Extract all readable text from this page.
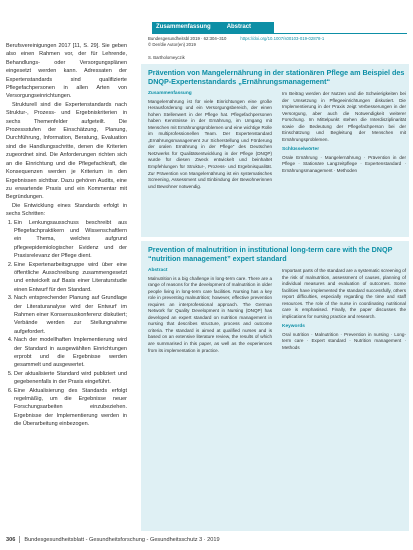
Berufsvereinigungen 2017 [11, S. 29]. Sie geben also einen Rahmen vor, der für Lehrende, Behandlungs- oder Versorgungsplänen eingesetzt werden kann. Adressaten der Expertenstandards sind qualifizierte Pflegefachpersonen in allen Arten von Versorgungseinrichtungen.

Strukturell sind die Expertenstandards nach Struktur-, Prozess- und Ergebniskriterien in sechs Themenfelder aufgeteilt. Die Prozessstufen der Einschätzung, Planung, Durchführung, Information, Beratung, Evaluation sind die Handlungsschritte, denen die Kriterien zugeordnet sind. Die Anforderungen richten sich an die Einrichtung und die Pflegefachkraft, die Konsequenzen werden je Kriterium in den Ergebnissen sichtbar. Dazu gehören Audits, eine zu erwartende Praxis und ein Kommentar mit Begründungen.

Die Entwicklung eines Standards erfolgt in sechs Schritten:

1. Ein Lenkungsausschuss beschreibt aus Pflegefachpraktikern und Wissenschaftlern ein Thema, welches aufgrund pflegeepidemiologischer Evidenz und der Praxisrelevanz der Pflege dient.
2. Eine Expertenarbeitsgruppe wird über eine öffentliche Ausschreibung zusammengesetzt und entwickelt auf Basis einer Literaturstudie einen Entwurf für den Standard.
3. Nach entsprechender Planung auf Grundlage der Literaturanalyse wird der Entwurf im Rahmen einer Konsensuskonferenz diskutiert; Verbände werden zur Stellungnahme aufgefordert.
4. Nach der modellhaften Implementierung wird der Standard in ausgewählten Einrichtungen erprobt und die Ergebnisse werden gesammelt und ausgewertet.
5. Der aktualisierte Standard wird publiziert und gegebenenfalls in der Praxis eingeführt.
6. Eine Aktualisierung des Standards erfolgt regelmäßig, um die Ergebnisse neuer Forschungsarbeiten einzubeziehen. Ergebnisse der Implementierung werden in die Überarbeitung einbezogen.
Zusammenfassung	Abstract
Bundesgesundheitsbl 2019 · 62:304–310	https://doi.org/10.1007/s00103-019-02878-1
© Der/die Autor(en) 2019
S. Bartholomeyczik
Prävention von Mangelernährung in der stationären Pflege am Beispiel des DNQP-Expertenstandards „Ernährungsmanagement“
Zusammenfassung

Mangelernährung ist für viele Einrichtungen eine große Herausforderung und ein Versorgungsbereich, der einen hohen Stellenwert in der Pflege hat. Pflegefachpersonen haben Kenntnisse in der Ernährung, im Umgang mit Menschen mit Ernährungsproblemen und eine wichtige Rolle im multiprofessionellen Team. Der Expertenstandard „Ernährungsmanagement zur Sicherstellung und Förderung der oralen Ernährung in der Pflege“ des Deutschen Netzwerks für Qualitätsentwicklung in der Pflege (DNQP) wurde für diesen Zweck entwickelt und beinhaltet Empfehlungen für Struktur-, Prozess- und Ergebnisqualität. Zur Prävention von Mangelernährung ist ein systematisches Screening, Assessment und Einbindung der Bewohnerinnen und Bewohner notwendig.

Im Beitrag werden der Nutzen und die Schwierigkeiten bei der Umsetzung in Pflegeeinrichtungen diskutiert. Die Implementierung in der Praxis zeigt Verbesserungen in der Versorgung, aber auch die Notwendigkeit weiterer Forschung. Im Mittelpunkt stehen die Interdisziplinarität sowie die Bedeutung der Pflegefachperson bei der Einschätzung und Begleitung der Menschen mit Ernährungsproblemen.

Schlüsselwörter

Orale Ernährung · Mangelernährung · Prävention in der Pflege · Stationäre Langzeitpflege · Expertenstandard · Ernährungsmanagement · Methoden

Prevention of malnutrition in institutional long-term care with the DNQP “nutrition management” expert standard
Abstract

Malnutrition is a big challenge in long-term care. There are a range of reasons for the development of malnutrition in older people living in long-term care facilities. Nursing has a key role in preventing malnutrition; however, effective prevention requires an interprofessional approach. The German Network for Quality Development in Nursing (DNQP) has developed an expert standard on nutrition management in nursing that describes structure, process and outcome criteria. The standard is aimed at qualified nurses and is based on an extensive literature review, the results of which are summarised in this paper, as well as the experiences from its implementation in practice.

Important parts of the standard are a systematic screening of the risk of malnutrition, assessment of causes, planning of individual measures and evaluation of outcomes. Some facilities have implemented the standard successfully, others report difficulties, especially regarding the time and staff resources. The role of the nurse in coordinating nutritional care is emphasised. Finally, the paper discusses the implications for nursing practice and research.

Keywords

Oral nutrition · Malnutrition · Prevention in nursing · Long-term care · Expert standard · Nutrition management · Methods

306 Bundesgesundheitsblatt - Gesundheitsforschung - Gesundheitsschutz 3 · 2019
